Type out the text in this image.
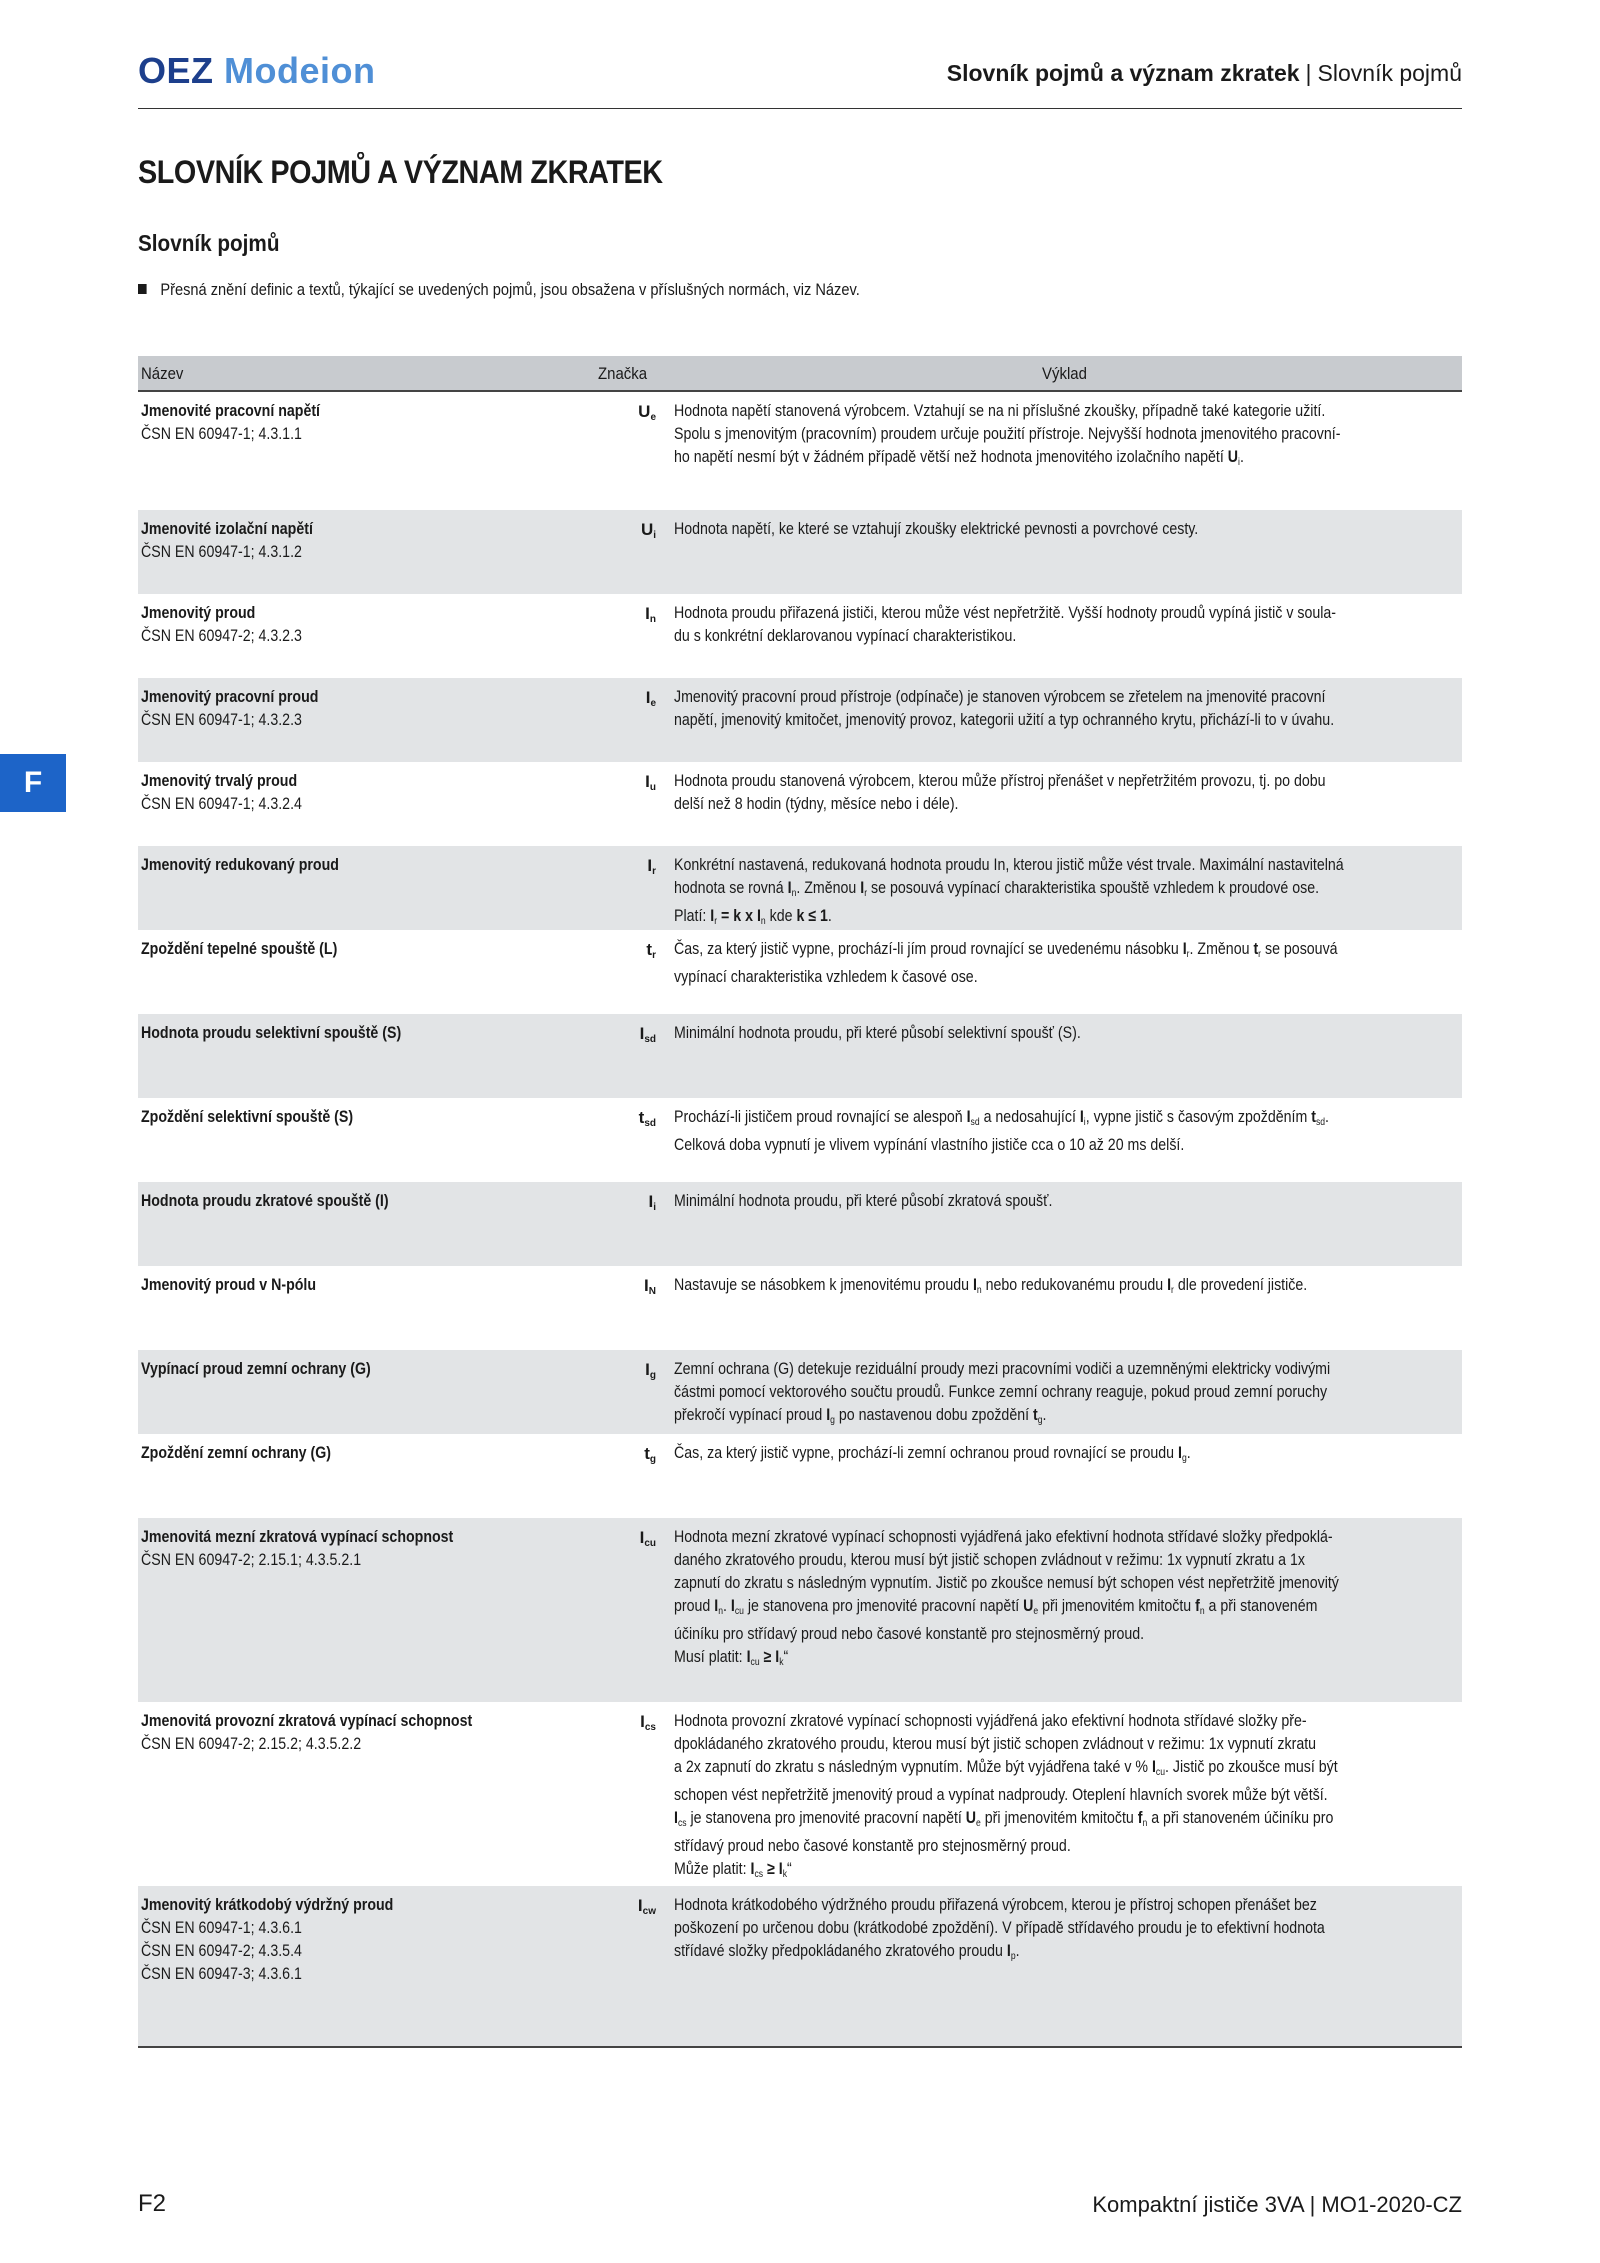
OEZ Modeion	Slovník pojmů a význam zkratek | Slovník pojmů
SLOVNÍK POJMŮ A VÝZNAM ZKRATEK
Slovník pojmů
Přesná znění definic a textů, týkající se uvedených pojmů, jsou obsažena v příslušných normách, viz Název.
F
Název	Značka	Výklad
Jmenovité pracovní napětí
ČSN EN 60947-1; 4.3.1.1
$U_e$ Hodnota napětí stanovená výrobcem. Vztahují se na ni příslušné zkoušky, případně také kategorie užití.
Spolu s jmenovitým (pracovním) proudem určuje použití přístroje. Nejvyšší hodnota jmenovitého pracovní-
ho napětí nesmí být v žádném případě větší než hodnota jmenovitého izolačního napětí $U_i$.
Jmenovité izolační napětí
ČSN EN 60947-1; 4.3.1.2
$U_i$ Hodnota napětí, ke které se vztahují zkoušky elektrické pevnosti a povrchové cesty.
Jmenovitý proud
ČSN EN 60947-2; 4.3.2.3
$I_n$ Hodnota proudu přiřazená jističi, kterou může vést nepřetržitě. Vyšší hodnoty proudů vypíná jistič v soula-
du s konkrétní deklarovanou vypínací charakteristikou.
Jmenovitý pracovní proud
ČSN EN 60947-1; 4.3.2.3
$I_e$ Jmenovitý pracovní proud přístroje (odpínače) je stanoven výrobcem se zřetelem na jmenovité pracovní
napětí, jmenovitý kmitočet, jmenovitý provoz, kategorii užití a typ ochranného krytu, přichází-li to v úvahu.
Jmenovitý trvalý proud
ČSN EN 60947-1; 4.3.2.4
$I_u$ Hodnota proudu stanovená výrobcem, kterou může přístroj přenášet v nepřetržitém provozu, tj. po dobu
delší než 8 hodin (týdny, měsíce nebo i déle).
Jmenovitý redukovaný proud	$I_r$ Konkrétní nastavená, redukovaná hodnota proudu In, kterou jistič může vést trvale. Maximální nastavitelná
hodnota se rovná $I_n$. Změnou $I_r$ se posouvá vypínací charakteristika spouště vzhledem k proudové ose.
Platí: $I_r = k$ x $I_n$ kde k ≤ 1.
Zpoždění tepelné spouště (L)	$t_r$ Čas, za který jistič vypne, prochází-li jím proud rovnající se uvedenému násobku $I_r$. Změnou $t_r$ se posouvá
vypínací charakteristika vzhledem k časové ose.
Hodnota proudu selektivní spouště (S)	$I_{sd}$ Minimální hodnota proudu, při které působí selektivní spoušť (S).
Zpoždění selektivní spouště (S)	$t_{sd}$ Prochází-li jističem proud rovnající se alespoň $I_{sd}$ a nedosahující $I_i$, vypne jistič s časovým zpožděním $t_{sd}$.
Celková doba vypnutí je vlivem vypínání vlastního jističe cca o 10 až 20 ms delší.
Hodnota proudu zkratové spouště (I)	$I_i$ Minimální hodnota proudu, při které působí zkratová spoušť.
Jmenovitý proud v N-pólu	$I_N$ Nastavuje se násobkem k jmenovitému proudu $I_n$ nebo redukovanému proudu $I_r$ dle provedení jističe.
Vypínací proud zemní ochrany (G)	$I_g$ Zemní ochrana (G) detekuje reziduální proudy mezi pracovními vodiči a uzemněnými elektricky vodivými
částmi pomocí vektorového součtu proudů. Funkce zemní ochrany reaguje, pokud proud zemní poruchy
překročí vypínací proud $I_g$ po nastavenou dobu zpoždění $t_g$.
Zpoždění zemní ochrany (G)	$t_g$ Čas, za který jistič vypne, prochází-li zemní ochranou proud rovnající se proudu $I_g$.
Jmenovitá mezní zkratová vypínací schopnost
ČSN EN 60947-2; 2.15.1; 4.3.5.2.1
$I_{cu}$ Hodnota mezní zkratové vypínací schopnosti vyjádřená jako efektivní hodnota střídavé složky předpoklá-
daného zkratového proudu, kterou musí být jistič schopen zvládnout v režimu: 1x vypnutí zkratu a 1x
zapnutí do zkratu s následným vypnutím. Jistič po zkoušce nemusí být schopen vést nepřetržitě jmenovitý
proud $I_n$. $I_{cu}$ je stanovena pro jmenovité pracovní napětí $U_e$ při jmenovitém kmitočtu $f_n$ a při stanoveném
účiníku pro střídavý proud nebo časové konstantě pro stejnosměrný proud.
Musí platit: $I_{cu}$ ≥ $I_k“$
Jmenovitá provozní zkratová vypínací schopnost
ČSN EN 60947-2; 2.15.2; 4.3.5.2.2
$I_{cs}$ Hodnota provozní zkratové vypínací schopnosti vyjádřená jako efektivní hodnota střídavé složky pře-
dpokládaného zkratového proudu, kterou musí být jistič schopen zvládnout v režimu: 1x vypnutí zkratu
a 2x zapnutí do zkratu s následným vypnutím. Může být vyjádřena také v % $I_{cu}$. Jistič po zkoušce musí být
schopen vést nepřetržitě jmenovitý proud a vypínat nadproudy. Oteplení hlavních svorek může být větší.
$I_{cs}$ je stanovena pro jmenovité pracovní napětí $U_e$ při jmenovitém kmitočtu $f_n$ a při stanoveném účiníku pro
střídavý proud nebo časové konstantě pro stejnosměrný proud.
Může platit: $I_{cs}$ ≥ $I_k“$
Jmenovitý krátkodobý výdržný proud
ČSN EN 60947-1; 4.3.6.1
ČSN EN 60947-2; 4.3.5.4
ČSN EN 60947-3; 4.3.6.1
$I_{cw}$ Hodnota krátkodobého výdržného proudu přiřazená výrobcem, kterou je přístroj schopen přenášet bez
poškození po určenou dobu (krátkodobé zpoždění). V případě střídavého proudu je to efektivní hodnota
střídavé složky předpokládaného zkratového proudu $I_p$.
F2	Kompaktní jističe 3VA | MO1-2020-CZ
